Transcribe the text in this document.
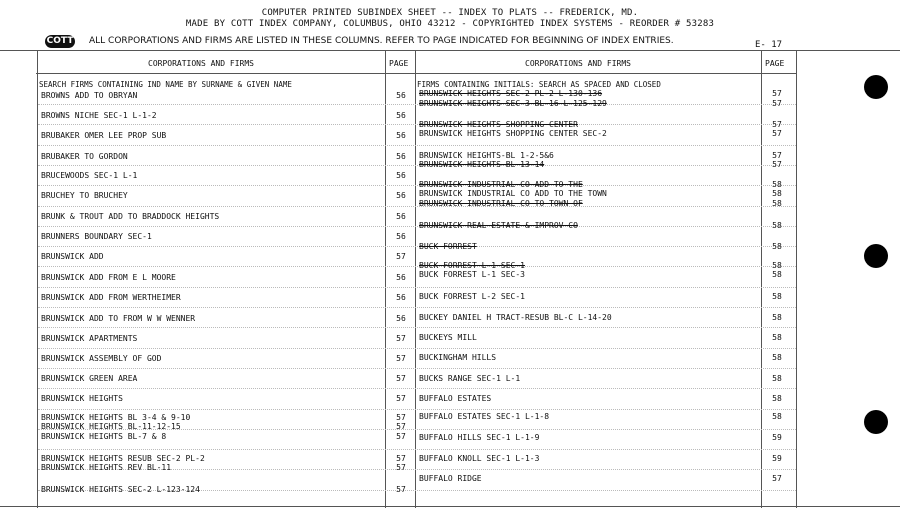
COMPUTER PRINTED SUBINDEX SHEET -- INDEX TO PLATS -- FREDERICK, MD.
MADE BY COTT INDEX COMPANY, COLUMBUS, OHIO 43212 - COPYRIGHTED INDEX SYSTEMS - REORDER # 53283
COTT ALL CORPORATIONS AND FIRMS ARE LISTED IN THESE COLUMNS. REFER TO PAGE INDICATED FOR BEGINNING OF INDEX ENTRIES.	E- 17
CORPORATIONS AND FIRMS	PAGE	CORPORATIONS AND FIRMS	PAGE
SEARCH FIRMS CONTAINING IND NAME BY SURNAME & GIVEN NAME	FIRMS CONTAINING INITIALS: SEARCH AS SPACED AND CLOSED
BROWNS ADD TO OBRYAN	56
BROWNS NICHE SEC-1 L-1-2	56
BRUBAKER OMER LEE PROP SUB	56
BRUBAKER TO GORDON	56
BRUCEWOODS SEC-1 L-1	56
BRUCHEY TO BRUCHEY	56
BRUNK & TROUT ADD TO BRADDOCK HEIGHTS	56
BRUNNERS BOUNDARY SEC-1	56
BRUNSWICK ADD	57
BRUNSWICK ADD FROM E L MOORE	56
BRUNSWICK ADD FROM WERTHEIMER	56
BRUNSWICK ADD TO FROM W W WENNER	56
BRUNSWICK APARTMENTS	57
BRUNSWICK ASSEMBLY OF GOD	57
BRUNSWICK GREEN AREA	57
BRUNSWICK HEIGHTS	57
BRUNSWICK HEIGHTS BL 3-4 & 9-10	57
BRUNSWICK HEIGHTS BL-11-12-15	57
BRUNSWICK HEIGHTS BL-7 & 8	57
BRUNSWICK HEIGHTS RESUB SEC-2 PL-2	57
BRUNSWICK HEIGHTS REV BL-11	57
BRUNSWICK HEIGHTS SEC-2 L-123-124	57
BRUNSWICK HEIGHTS SEC-2 PL-2 L-130-136	57
BRUNSWICK HEIGHTS SEC-3 BL-16 L-125-129	57
BRUNSWICK HEIGHTS SHOPPING CENTER	57
BRUNSWICK HEIGHTS SHOPPING CENTER SEC-2	57
BRUNSWICK HEIGHTS-BL 1-2-5&6	57
BRUNSWICK HEIGHTS-BL 13-14	57
BRUNSWICK INDUSTRIAL CO ADD TO THE	58
BRUNSWICK INDUSTRIAL CO ADD TO THE TOWN	58
BRUNSWICK INDUSTRIAL CO TO TOWN OF	58
BRUNSWICK REAL ESTATE & IMPROV CO	58
BUCK FORREST	58
BUCK FORREST L-1 SEC-1	58
BUCK FORREST L-1 SEC-3	58
BUCK FORREST L-2 SEC-1	58
BUCKEY DANIEL H TRACT-RESUB BL-C L-14-20	58
BUCKEYS MILL	58
BUCKINGHAM HILLS	58
BUCKS RANGE SEC-1 L-1	58
BUFFALO ESTATES	58
BUFFALO ESTATES SEC-1 L-1-8	58
BUFFALO HILLS SEC-1 L-1-9	59
BUFFALO KNOLL SEC-1 L-1-3	59
BUFFALO RIDGE	57
